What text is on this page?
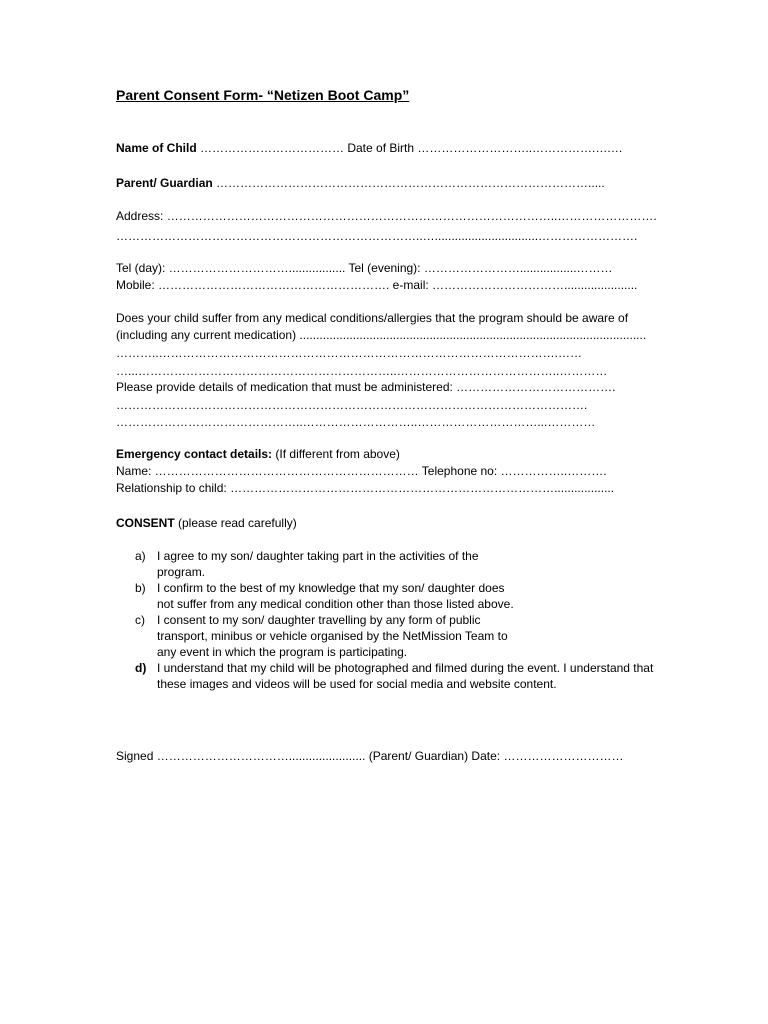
Parent Consent Form- “Netizen Boot Camp”
Name of Child ……………………………… Date of Birth ………………………..…………….….…
Parent/ Guardian ………………………………………………………………………………….....
Address: ……………………………………………………………………………………..…………………….
…………………………………………………………………..…...............................…………………….
Tel (day): …………………………................. Tel (evening): …………………….................………
Mobile: …………………………………………………. e-mail: ……………………………......................
Does your child suffer from any medical conditions/allergies that the program should be aware of
(including any current medication) ........................................................................................................
………..……………………………………………………………………………………….……
…...………………………………………………………..…………………………………..…………
Please provide details of medication that must be administered: ………………………………….
……………………………………………………………………………………………………….
………………………………………..………………………..…………………………...…………
Emergency contact details: (If different from above)
Name: ………………………………………………………… Telephone no: ……………..……….
Relationship to child: ………………………………………………………………………..................
CONSENT (please read carefully)
a) I agree to my son/ daughter taking part in the activities of the
program.
b) I confirm to the best of my knowledge that my son/ daughter does
not suffer from any medical condition other than those listed above.
c) I consent to my son/ daughter travelling by any form of public
transport, minibus or vehicle organised by the NetMission Team to
any event in which the program is participating.
d) I understand that my child will be photographed and filmed during the event. I understand that
these images and videos will be used for social media and website content.
Signed ……………………………....................... (Parent/ Guardian) Date: …………………………
